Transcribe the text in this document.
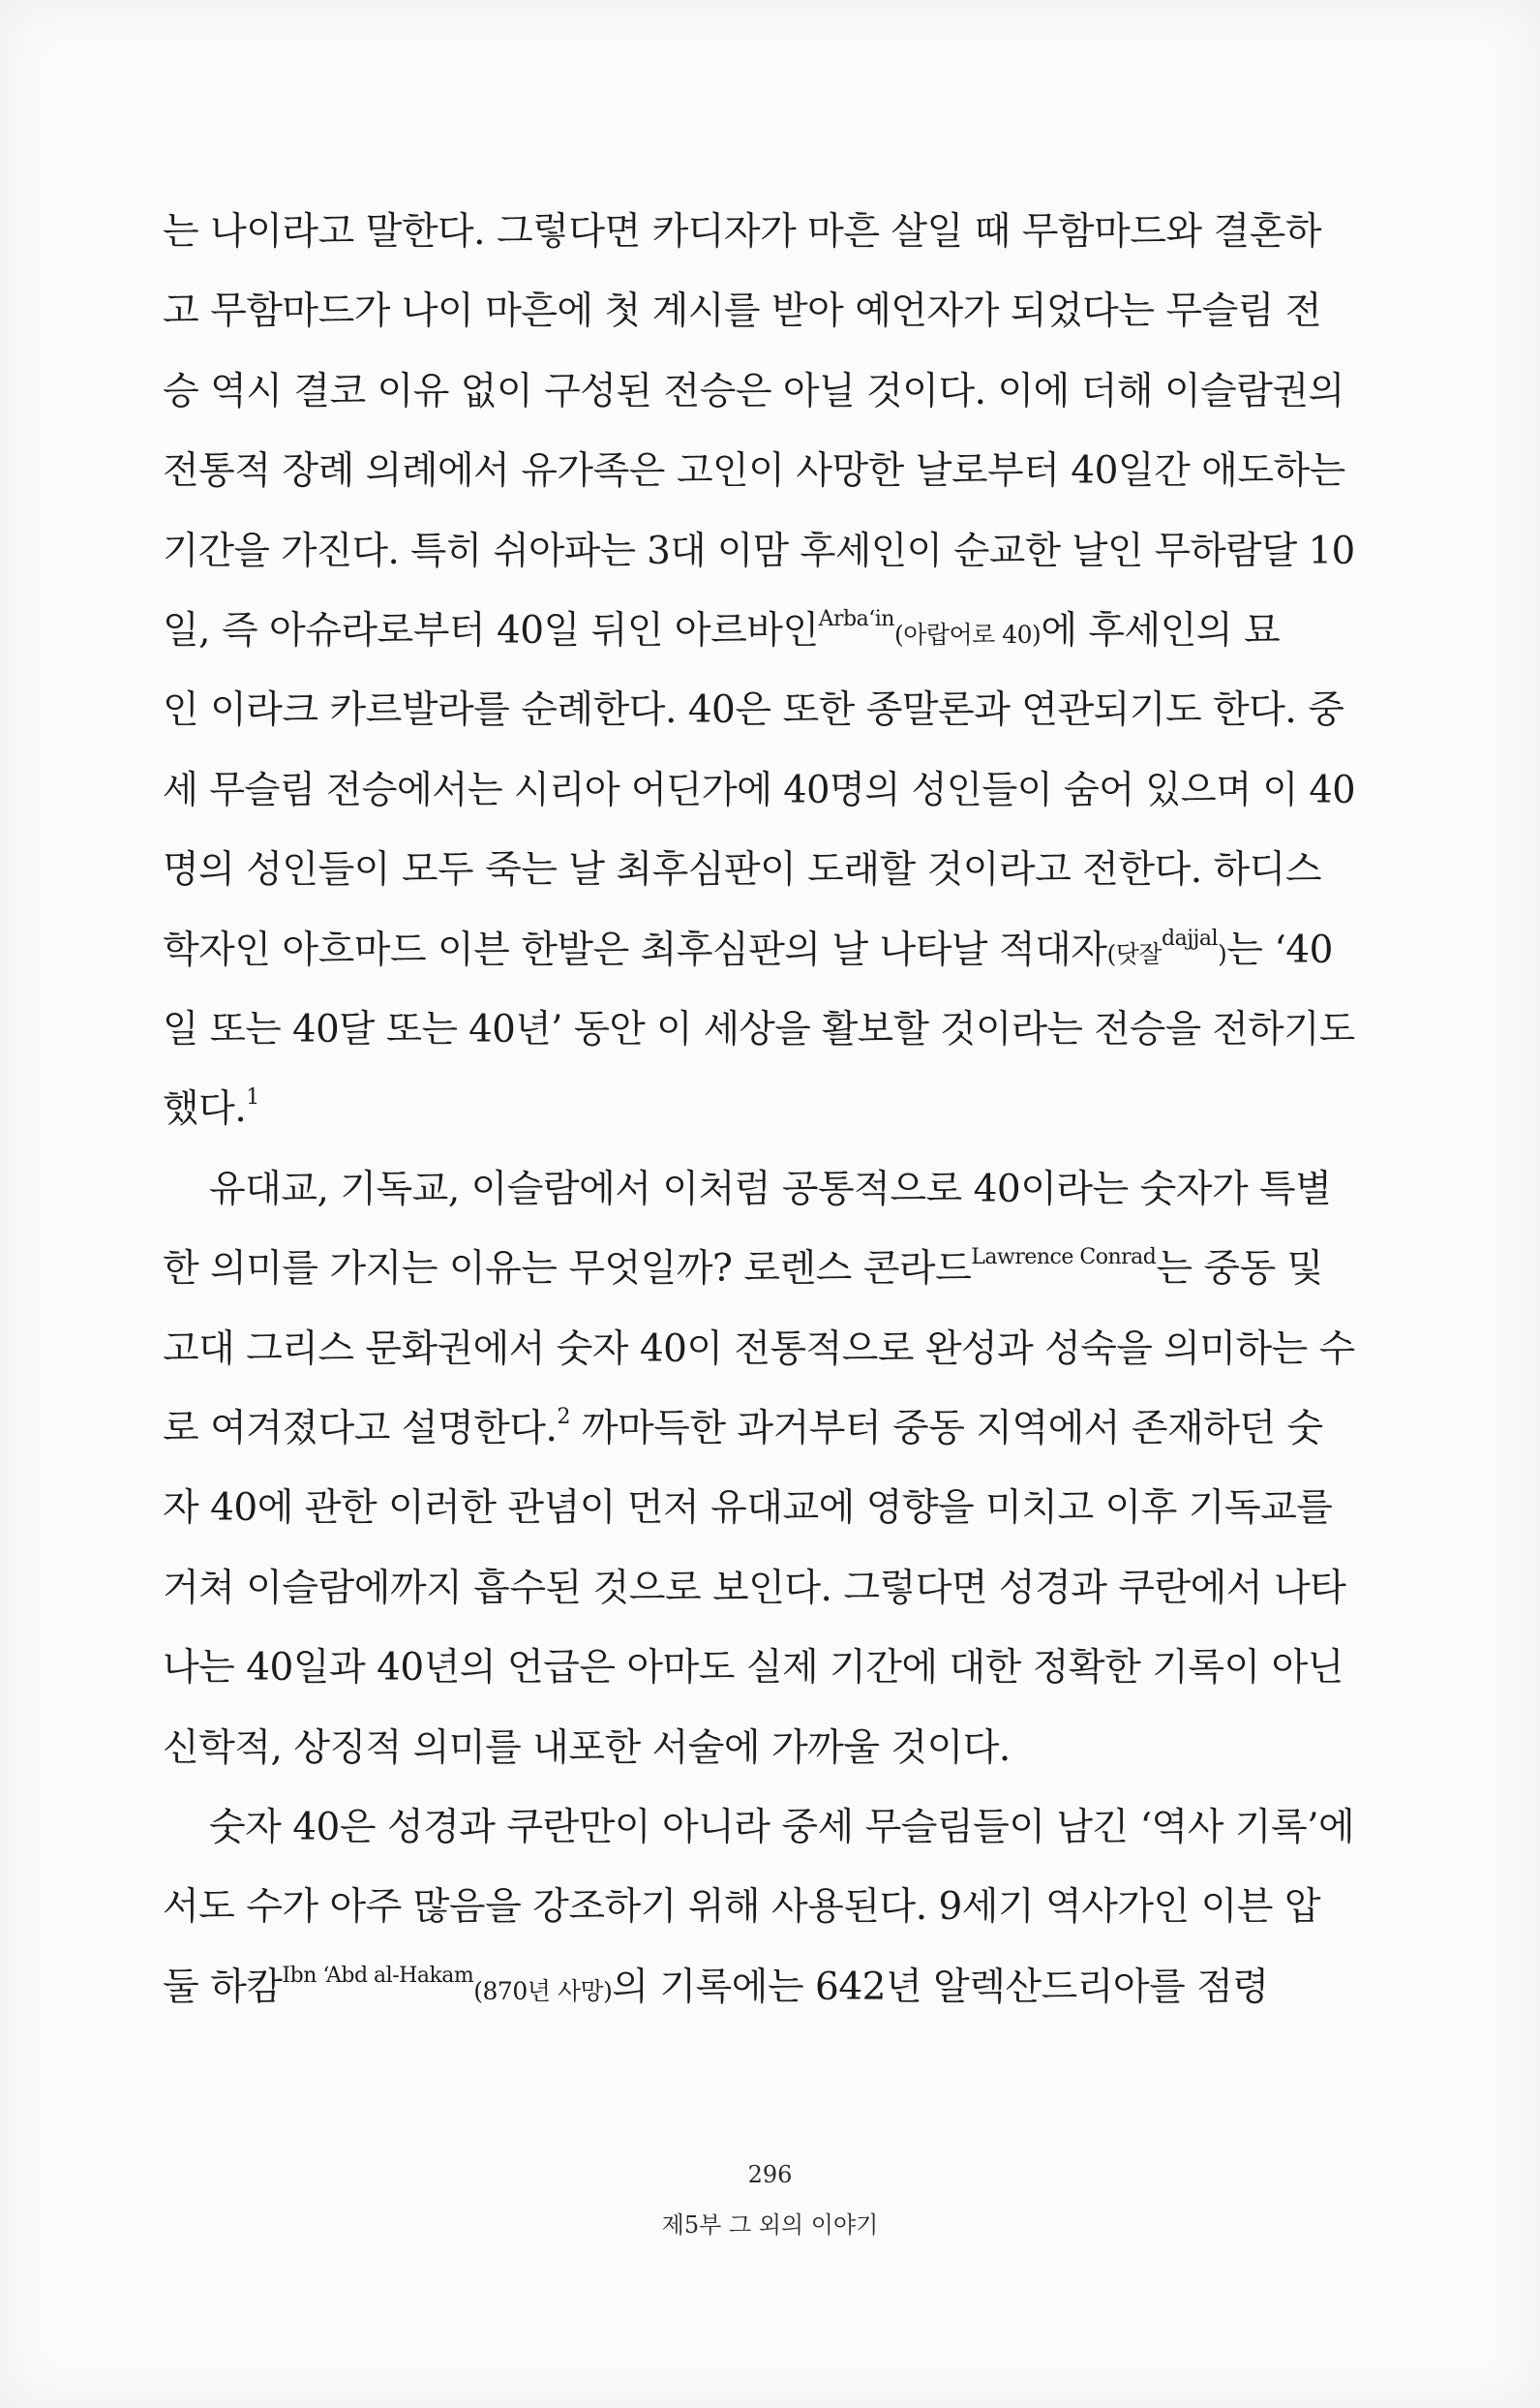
는 나이라고 말한다. 그렇다면 카디자가 마흔 살일 때 무함마드와 결혼하
고 무함마드가 나이 마흔에 첫 계시를 받아 예언자가 되었다는 무슬림 전
승 역시 결코 이유 없이 구성된 전승은 아닐 것이다. 이에 더해 이슬람권의
전통적 장례 의례에서 유가족은 고인이 사망한 날로부터 40일간 애도하는
기간을 가진다. 특히 쉬아파는 3대 이맘 후세인이 순교한 날인 무하람달 10
일, 즉 아슈라로부터 40일 뒤인 아르바인$^{Arba‘in}$(아랍어로 40)에 후세인의 묘
인 이라크 카르발라를 순례한다. 40은 또한 종말론과 연관되기도 한다. 중
세 무슬림 전승에서는 시리아 어딘가에 40명의 성인들이 숨어 있으며 이 40
명의 성인들이 모두 죽는 날 최후심판이 도래할 것이라고 전한다. 하디스
학자인 아흐마드 이븐 한발은 최후심판의 날 나타날 적대자(닷잘$^{dajjal}$)는 ‘40
일 또는 40달 또는 40년’ 동안 이 세상을 활보할 것이라는 전승을 전하기도
했다.$^1$
유대교, 기독교, 이슬람에서 이처럼 공통적으로 40이라는 숫자가 특별
한 의미를 가지는 이유는 무엇일까? 로렌스 콘라드$^{Lawrence Conrad}$는 중동 및
고대 그리스 문화권에서 숫자 40이 전통적으로 완성과 성숙을 의미하는 수
로 여겨졌다고 설명한다.$^2$ 까마득한 과거부터 중동 지역에서 존재하던 숫
자 40에 관한 이러한 관념이 먼저 유대교에 영향을 미치고 이후 기독교를
거쳐 이슬람에까지 흡수된 것으로 보인다. 그렇다면 성경과 쿠란에서 나타
나는 40일과 40년의 언급은 아마도 실제 기간에 대한 정확한 기록이 아닌
신학적, 상징적 의미를 내포한 서술에 가까울 것이다.
숫자 40은 성경과 쿠란만이 아니라 중세 무슬림들이 남긴 ‘역사 기록’에
서도 수가 아주 많음을 강조하기 위해 사용된다. 9세기 역사가인 이븐 압
둘 하캄$^{Ibn ‘Abd al-Hakam}$(870년 사망)의 기록에는 642년 알렉산드리아를 점령
296
제5부 그 외의 이야기
